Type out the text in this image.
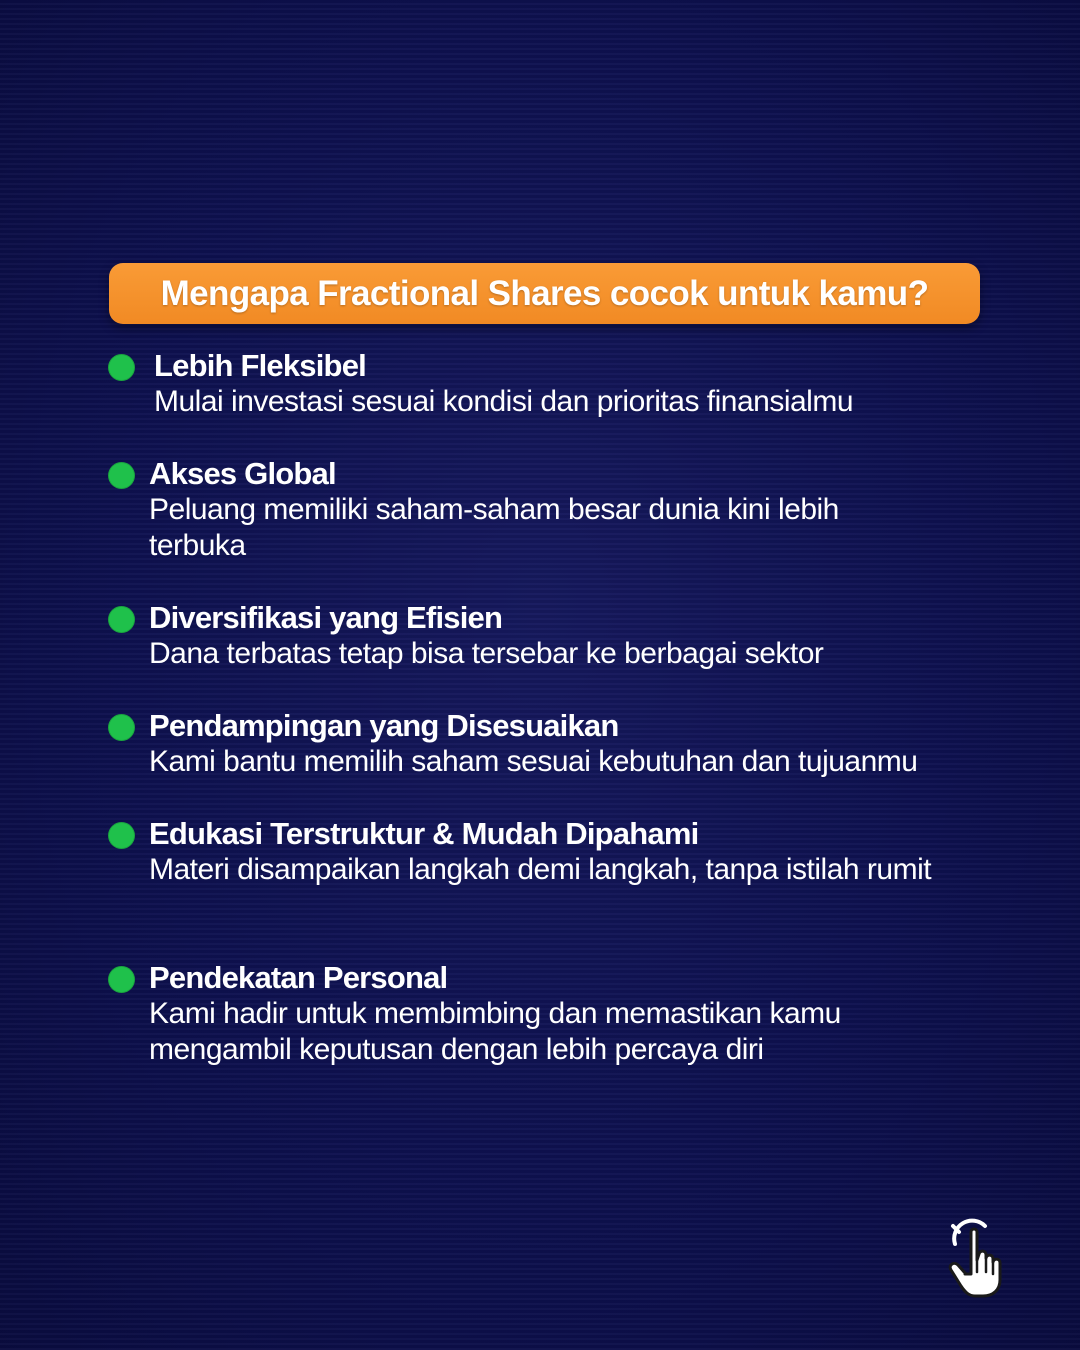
Mengapa Fractional Shares cocok untuk kamu?
Lebih Fleksibel
Mulai investasi sesuai kondisi dan prioritas finansialmu
Akses Global
Peluang memiliki saham-saham besar dunia kini lebih terbuka
Diversifikasi yang Efisien
Dana terbatas tetap bisa tersebar ke berbagai sektor
Pendampingan yang Disesuaikan
Kami bantu memilih saham sesuai kebutuhan dan tujuanmu
Edukasi Terstruktur & Mudah Dipahami
Materi disampaikan langkah demi langkah, tanpa istilah rumit
Pendekatan Personal
Kami hadir untuk membimbing dan memastikan kamu mengambil keputusan dengan lebih percaya diri
